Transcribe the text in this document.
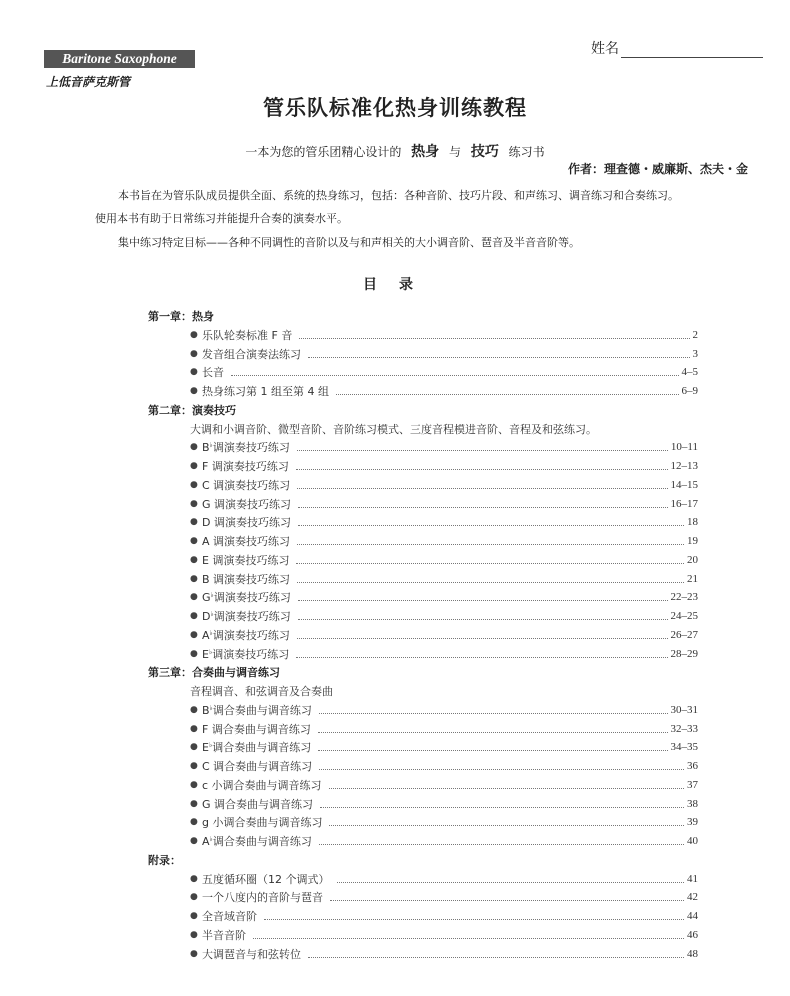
姓名
Baritone Saxophone
上低音萨克斯管
管乐队标准化热身训练教程
一本为您的管乐团精心设计的 热身 与 技巧 练习书
作者：理查德・威廉斯、杰夫・金
本书旨在为管乐队成员提供全面、系统的热身练习，包括：各种音阶、技巧片段、和声练习、调音练习和合奏练习。
使用本书有助于日常练习并能提升合奏的演奏水平。
集中练习特定目标——各种不同调性的音阶以及与和声相关的大小调音阶、琶音及半音音阶等。
目 录
第一章：热身
● 乐队轮奏标准 F 音	2
● 发音组合演奏法练习	3
● 长音	4–5
● 热身练习第 1 组至第 4 组	6–9
第二章：演奏技巧
大调和小调音阶、微型音阶、音阶练习模式、三度音程模进音阶、音程及和弦练习。
● B♭调演奏技巧练习	10–11
● F 调演奏技巧练习	12–13
● C 调演奏技巧练习	14–15
● G 调演奏技巧练习	16–17
● D 调演奏技巧练习	18
● A 调演奏技巧练习	19
● E 调演奏技巧练习	20
● B 调演奏技巧练习	21
● G♭调演奏技巧练习	22–23
● D♭调演奏技巧练习	24–25
● A♭调演奏技巧练习	26–27
● E♭调演奏技巧练习	28–29
第三章：合奏曲与调音练习
音程调音、和弦调音及合奏曲
● B♭调合奏曲与调音练习	30–31
● F 调合奏曲与调音练习	32–33
● E♭调合奏曲与调音练习	34–35
● C 调合奏曲与调音练习	36
● c 小调合奏曲与调音练习	37
● G 调合奏曲与调音练习	38
● g 小调合奏曲与调音练习	39
● A♭调合奏曲与调音练习	40
附录：
● 五度循环圈（12 个调式）	41
● 一个八度内的音阶与琶音	42
● 全音域音阶	44
● 半音音阶	46
● 大调琶音与和弦转位	48
